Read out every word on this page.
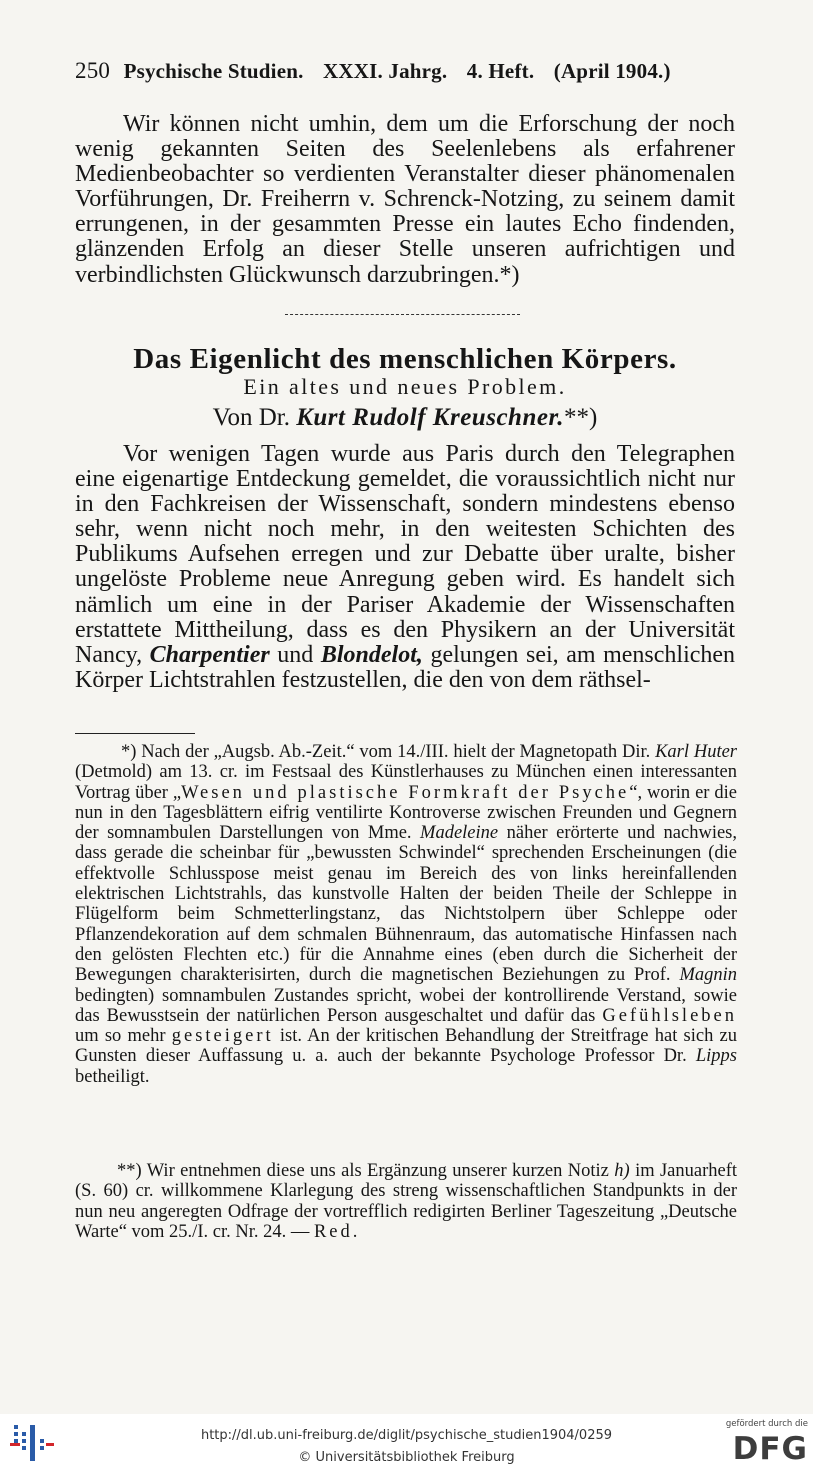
250 Psychische Studien. XXXI. Jahrg. 4. Heft. (April 1904.)
Wir können nicht umhin, dem um die Erforschung der noch wenig gekannten Seiten des Seelenlebens als erfahrener Medienbeobachter so verdienten Veranstalter dieser phänomenalen Vorführungen, Dr. Freiherrn v. Schrenck-Notzing, zu seinem damit errungenen, in der gesammten Presse ein lautes Echo findenden, glänzenden Erfolg an dieser Stelle unseren aufrichtigen und verbindlichsten Glückwunsch darzubringen.*)
Das Eigenlicht des menschlichen Körpers.
Ein altes und neues Problem.
Von Dr. Kurt Rudolf Kreuschner.**)
Vor wenigen Tagen wurde aus Paris durch den Telegraphen eine eigenartige Entdeckung gemeldet, die voraussichtlich nicht nur in den Fachkreisen der Wissenschaft, sondern mindestens ebenso sehr, wenn nicht noch mehr, in den weitesten Schichten des Publikums Aufsehen erregen und zur Debatte über uralte, bisher ungelöste Probleme neue Anregung geben wird. Es handelt sich nämlich um eine in der Pariser Akademie der Wissenschaften erstattete Mittheilung, dass es den Physikern an der Universität Nancy, Charpentier und Blondelot, gelungen sei, am menschlichen Körper Lichtstrahlen festzustellen, die den von dem räthsel-
*) Nach der „Augsb. Ab.-Zeit.“ vom 14./III. hielt der Magnetopath Dir. Karl Huter (Detmold) am 13. cr. im Festsaal des Künstlerhauses zu München einen interessanten Vortrag über „Wesen und plastische Formkraft der Psyche“, worin er die nun in den Tagesblättern eifrig ventilirte Kontroverse zwischen Freunden und Gegnern der somnambulen Darstellungen von Mme. Madeleine näher erörterte und nachwies, dass gerade die scheinbar für „bewussten Schwindel“ sprechenden Erscheinungen (die effektvolle Schlusspose meist genau im Bereich des von links hereinfallenden elektrischen Lichtstrahls, das kunstvolle Halten der beiden Theile der Schleppe in Flügelform beim Schmetterlingstanz, das Nichtstolpern über Schleppe oder Pflanzendekoration auf dem schmalen Bühnenraum, das automatische Hinfassen nach den gelösten Flechten etc.) für die Annahme eines (eben durch die Sicherheit der Bewegungen charakterisirten, durch die magnetischen Beziehungen zu Prof. Magnin bedingten) somnambulen Zustandes spricht, wobei der kontrollirende Verstand, sowie das Bewusstsein der natürlichen Person ausgeschaltet und dafür das Gefühlsleben um so mehr gesteigert ist. An der kritischen Behandlung der Streitfrage hat sich zu Gunsten dieser Auffassung u. a. auch der bekannte Psychologe Professor Dr. Lipps betheiligt.
**) Wir entnehmen diese uns als Ergänzung unserer kurzen Notiz h) im Januarheft (S. 60) cr. willkommene Klarlegung des streng wissenschaftlichen Standpunkts in der nun neu angeregten Odfrage der vortrefflich redigirten Berliner Tageszeitung „Deutsche Warte“ vom 25./I. cr. Nr. 24. — Red.
http://dl.ub.uni-freiburg.de/diglit/psychische_studien1904/0259
© Universitätsbibliothek Freiburg
gefördert durch die
DFG
